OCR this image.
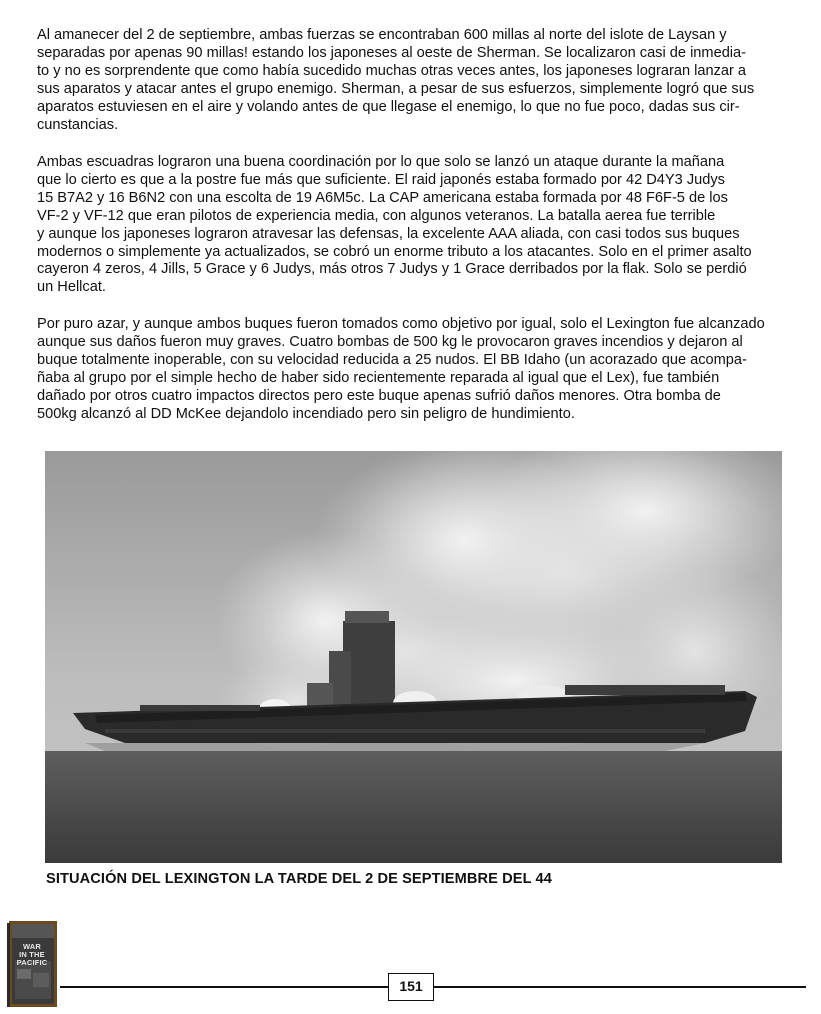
Al amanecer del 2 de septiembre, ambas fuerzas se encontraban 600 millas al norte del islote de Laysan y
separadas por apenas 90 millas! estando los japoneses al oeste de Sherman. Se localizaron casi de inmedia-
to y no es sorprendente que como había sucedido muchas otras veces antes, los japoneses lograran lanzar a
sus aparatos y atacar antes el grupo enemigo. Sherman, a pesar de sus esfuerzos, simplemente logró que sus
aparatos estuviesen en el aire y volando antes de que llegase el enemigo, lo que no fue poco, dadas sus cir-
cunstancias.
Ambas escuadras lograron una buena coordinación por lo que solo se lanzó un ataque durante la mañana
que lo cierto es que a la postre fue más que suficiente. El raid japonés estaba formado por 42 D4Y3 Judys
15 B7A2 y 16 B6N2 con una escolta de 19 A6M5c. La CAP americana estaba formada por 48 F6F-5 de los
VF-2 y VF-12 que eran pilotos de experiencia media, con algunos veteranos. La batalla aerea fue terrible
y aunque los japoneses lograron atravesar las defensas, la excelente AAA aliada, con casi todos sus buques
modernos o simplemente ya actualizados, se cobró un enorme tributo a los atacantes. Solo en el primer asalto
cayeron 4 zeros, 4 Jills, 5 Grace y 6 Judys, más otros 7 Judys y 1 Grace derribados por la flak. Solo se perdió
un Hellcat.
Por puro azar, y aunque ambos buques fueron tomados como objetivo por igual, solo el Lexington fue alcanzado
aunque sus daños fueron muy graves. Cuatro bombas de 500 kg le provocaron graves incendios y dejaron al
buque totalmente inoperable, con su velocidad reducida a 25 nudos. El BB Idaho (un acorazado que acompa-
ñaba al grupo por el simple hecho de haber sido recientemente reparada al igual que el Lex), fue también
dañado por otros cuatro impactos directos pero este buque apenas sufrió daños menores. Otra bomba de
500kg alcanzó al DD McKee dejandolo incendiado pero sin peligro de hundimiento.
SITUACIÓN DEL LEXINGTON LA TARDE DEL 2 DE SEPTIEMBRE DEL 44
WAR
IN THE
PACIFIC
151
